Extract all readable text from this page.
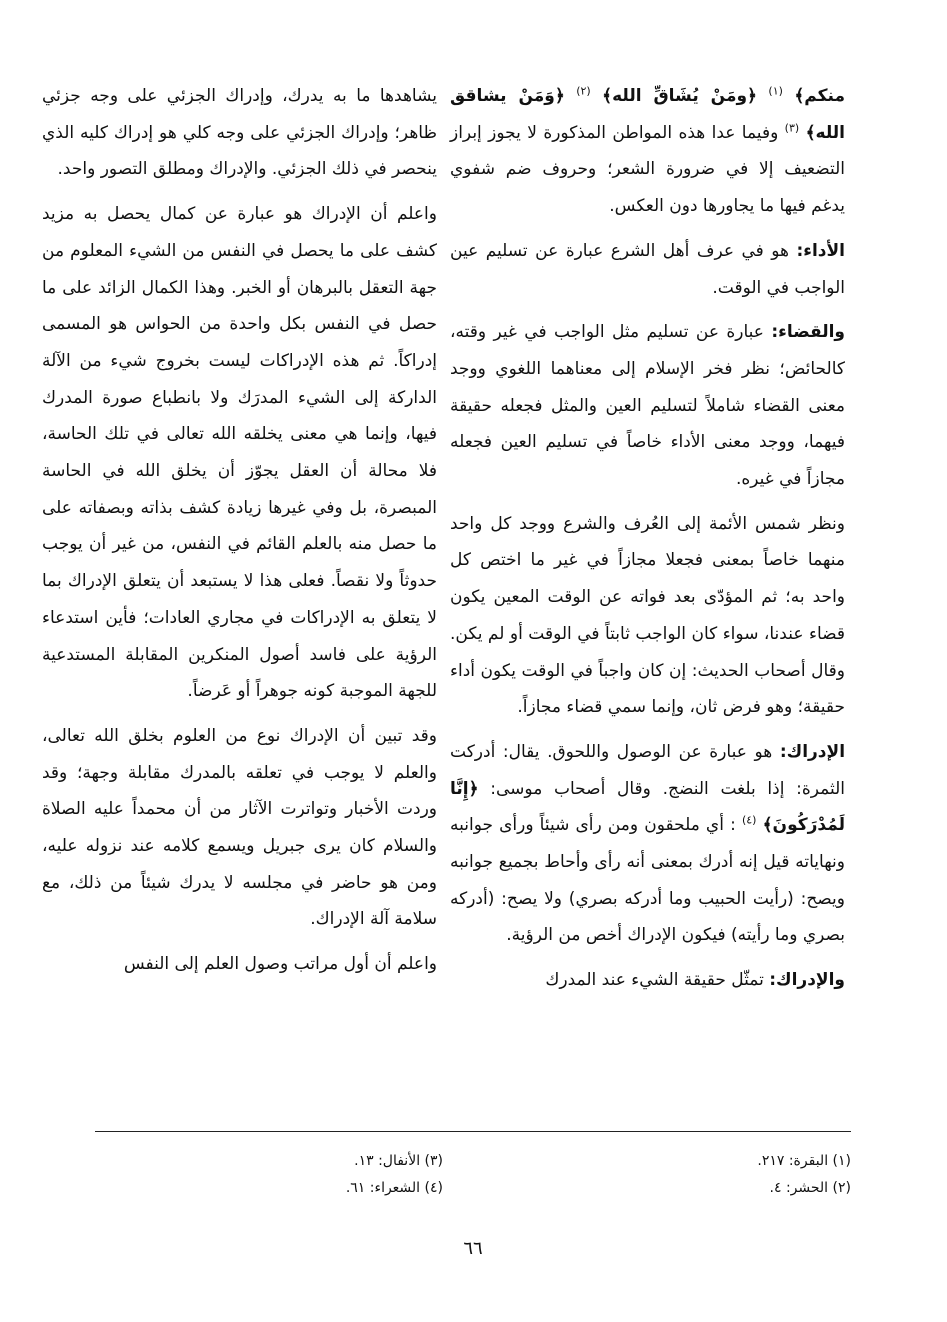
منكم﴾ $^{(١)}$ ﴿ومَنْ يُشَاقِّ الله﴾ $^{(٢)}$ ﴿وَمَنْ يشاقق الله﴾ $^{(٣)}$ وفيما عدا هذه المواطن المذكورة لا يجوز إبراز التضعيف إلا في ضرورة الشعر؛ وحروف ضم شفوي يدغم فيها ما يجاورها دون العكس.

الأداء: هو في عرف أهل الشرع عبارة عن تسليم عين الواجب في الوقت.

والقضاء: عبارة عن تسليم مثل الواجب في غير وقته، كالحائض؛ نظر فخر الإسلام إلى معناهما اللغوي ووجد معنى القضاء شاملاً لتسليم العين والمثل فجعله حقيقة فيهما، ووجد معنى الأداء خاصاً في تسليم العين فجعله مجازاً في غيره.

ونظر شمس الأئمة إلى العُرف والشرع ووجد كل واحد منهما خاصاً بمعنى فجعلا مجازاً في غير ما اختص كل واحد به؛ ثم المؤدّى بعد فواته عن الوقت المعين يكون قضاء عندنا، سواء كان الواجب ثابتاً في الوقت أو لم يكن. وقال أصحاب الحديث: إن كان واجباً في الوقت يكون أداء حقيقة؛ وهو فرض ثان، وإنما سمي قضاء مجازاً.

الإدراك: هو عبارة عن الوصول واللحوق. يقال: أدركت الثمرة: إذا بلغت النضج. وقال أصحاب موسى: ﴿إِنَّا لَمُدْرَكُونَ﴾ $^{(٤)}$ : أي ملحقون ومن رأى شيئاً ورأى جوانبه ونهاياته قيل إنه أدرك بمعنى أنه رأى وأحاط بجميع جوانبه ويصح: (رأيت الحبيب وما أدركه بصري) ولا يصح: (أدركه بصري وما رأيته) فيكون الإدراك أخص من الرؤية.

والإدراك: تمثّل حقيقة الشيء عند المدرك

يشاهدها ما به يدرك، وإدراك الجزئي على وجه جزئي ظاهر؛ وإدراك الجزئي على وجه كلي هو إدراك كليه الذي ينحصر في ذلك الجزئي. والإدراك ومطلق التصور واحد.

واعلم أن الإدراك هو عبارة عن كمال يحصل به مزيد كشف على ما يحصل في النفس من الشيء المعلوم من جهة التعقل بالبرهان أو الخبر. وهذا الكمال الزائد على ما حصل في النفس بكل واحدة من الحواس هو المسمى إدراكاً. ثم هذه الإدراكات ليست بخروج شيء من الآلة الداركة إلى الشيء المدرَك ولا بانطباع صورة المدرك فيها، وإنما هي معنى يخلقه الله تعالى في تلك الحاسة، فلا محالة أن العقل يجوّز أن يخلق الله في الحاسة المبصرة، بل وفي غيرها زيادة كشف بذاته وبصفاته على ما حصل منه بالعلم القائم في النفس، من غير أن يوجب حدوثاً ولا نقصاً. فعلى هذا لا يستبعد أن يتعلق الإدراك بما لا يتعلق به الإدراكات في مجاري العادات؛ فأين استدعاء الرؤية على فاسد أصول المنكرين المقابلة المستدعية للجهة الموجبة كونه جوهراً أو عَرضاً.

وقد تبين أن الإدراك نوع من العلوم بخلق الله تعالى، والعلم لا يوجب في تعلقه بالمدرك مقابلة وجهة؛ وقد وردت الأخبار وتواترت الآثار من أن محمداً عليه الصلاة والسلام كان يرى جبريل ويسمع كلامه عند نزوله عليه، ومن هو حاضر في مجلسه لا يدرك شيئاً من ذلك، مع سلامة آلة الإدراك.

واعلم أن أول مراتب وصول العلم إلى النفس

(١) البقرة: ٢١٧.
(٢) الحشر: ٤.
(٣) الأنفال: ١٣.
(٤) الشعراء: ٦١.
٦٦
